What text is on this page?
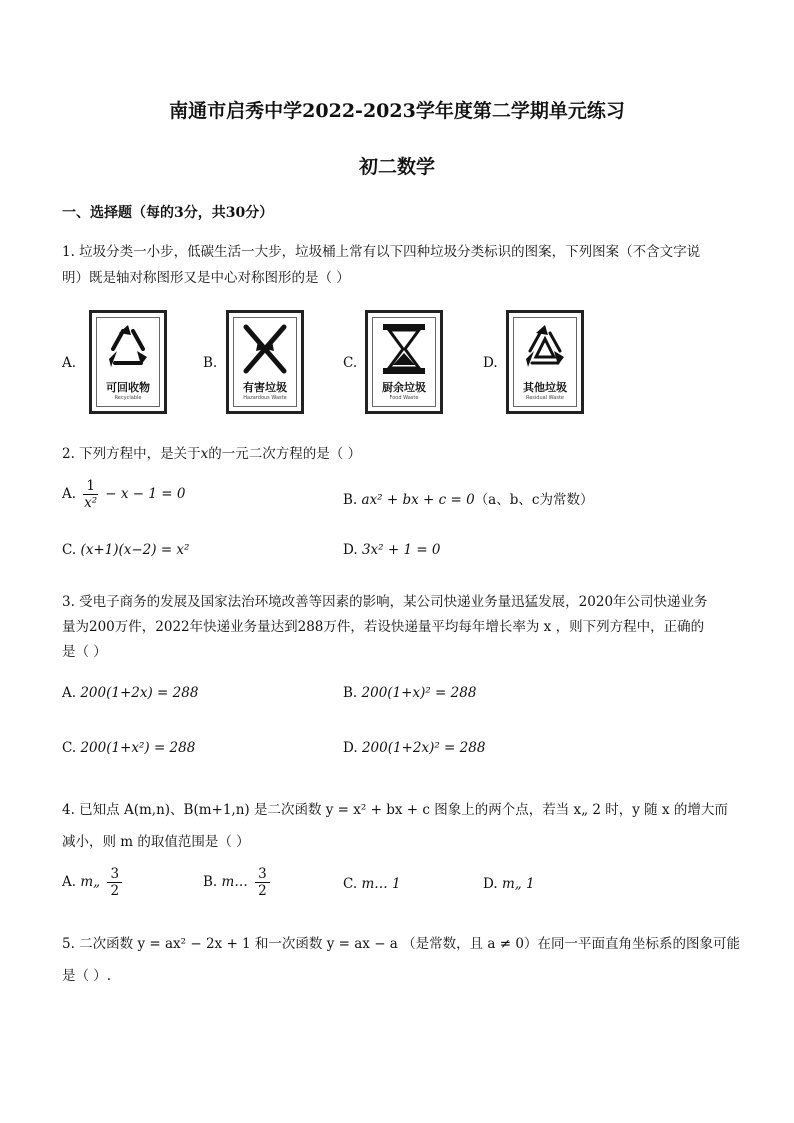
南通市启秀中学2022-2023学年度第二学期单元练习
初二数学
一、选择题（每的3分，共30分）
1. 垃圾分类一小步，低碳生活一大步，垃圾桶上常有以下四种垃圾分类标识的图案，下列图案（不含文字说
明）既是轴对称图形又是中心对称图形的是（ ）
A.
可回收物
Recyclable
B.
有害垃圾
Hazardous Waste
C.
厨余垃圾
Food Waste
D.
其他垃圾
Residual Waste
2. 下列方程中，是关于x的一元二次方程的是（ ）
A. $\frac{1}{\text{x²}} - x - 1 = 0$	B. ax² + bx + c = 0（a、b、c为常数）
C. (x+1)(x−2) = x²	D. 3x² + 1 = 0
3. 受电子商务的发展及国家法治环境改善等因素的影响，某公司快递业务量迅猛发展，2020年公司快递业务
量为200万件，2022年快递业务量达到288万件，若设快递量平均每年增长率为 x ，则下列方程中，正确的
是（ ）
A. 200(1+2x) = 288	B. 200(1+x)² = 288
C. 200(1+x²) = 288	D. 200(1+2x)² = 288
4. 已知点 A(m,n)、B(m+1,n) 是二次函数 y = x² + bx + c 图象上的两个点，若当 x„ 2 时，y 随 x 的增大而
减小，则 m 的取值范围是（ ）
A. m„ $\frac{3}{2}$	B. m… $\frac{3}{2}$	C. m… 1	D. m„ 1
5. 二次函数 y = ax² − 2x + 1 和一次函数 y = ax − a （是常数，且 a ≠ 0）在同一平面直角坐标系的图象可能
是（ ）.
